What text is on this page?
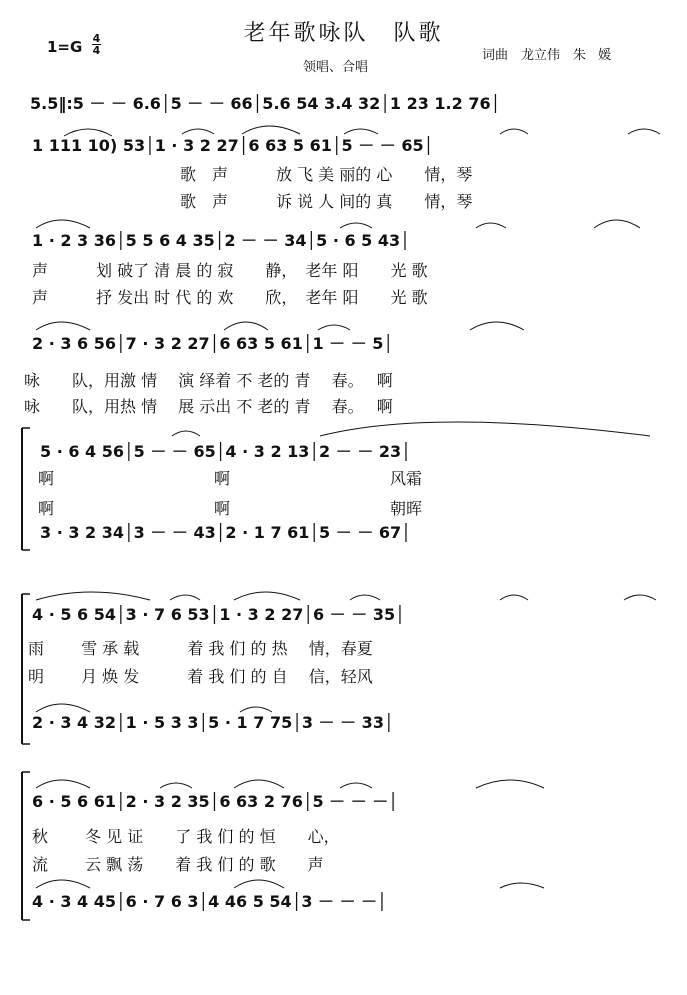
老年歌咏队　队歌
1=G 4
4
领唱、合唱
词曲　龙立伟　朱 媛
5.5‖:5 － － 6.6│5 － － 66│5.6 54 3.4 32│1 23 1.2 76│
1 111 10) 53│1 · 3 2 27│6 63 5 61│5 － － 65│
歌　声　　　放 飞 美 丽的 心　　情，琴
歌　声　　　诉 说 人 间的 真　　情，琴
1 · 2 3 36│5 5 6 4 35│2 － － 34│5 · 6 5 43│
声　　　划 破了 清 晨 的 寂　　静，　老年 阳　　光 歌
声　　　抒 发出 时 代 的 欢　　欣，　老年 阳　　光 歌
2 · 3 6 56│7 · 3 2 27│6 63 5 61│1 － － 5│
咏　　队，用激 情　 演 绎着 不 老的 青　 春。　 啊
咏　　队，用热 情　 展 示出 不 老的 青　 春。　 啊
5 · 6 4 56│5 － － 65│4 · 3 2 13│2 － － 23│
啊　　　　　　　　　　啊　　　　　　　　　　风霜
啊　　　　　　　　　　啊　　　　　　　　　　朝晖
3 · 3 2 34│3 － － 43│2 · 1 7 61│5 － － 67│
4 · 5 6 54│3 · 7 6 53│1 · 3 2 27│6 － － 35│
雨　　 雪 承 载　　　着 我 们 的 热　 情，春夏
明　　 月 焕 发　　　着 我 们 的 自　 信，轻风
2 · 3 4 32│1 · 5 3 3│5 · 1 7 75│3 － － 33│
6 · 5 6 61│2 · 3 2 35│6 63 2 76│5 － － －│
秋　　 冬 见 证　　了 我 们 的 恒　　心，
流　　 云 飘 荡　　着 我 们 的 歌　　声
4 · 3 4 45│6 · 7 6 3│4 46 5 54│3 － － －│
